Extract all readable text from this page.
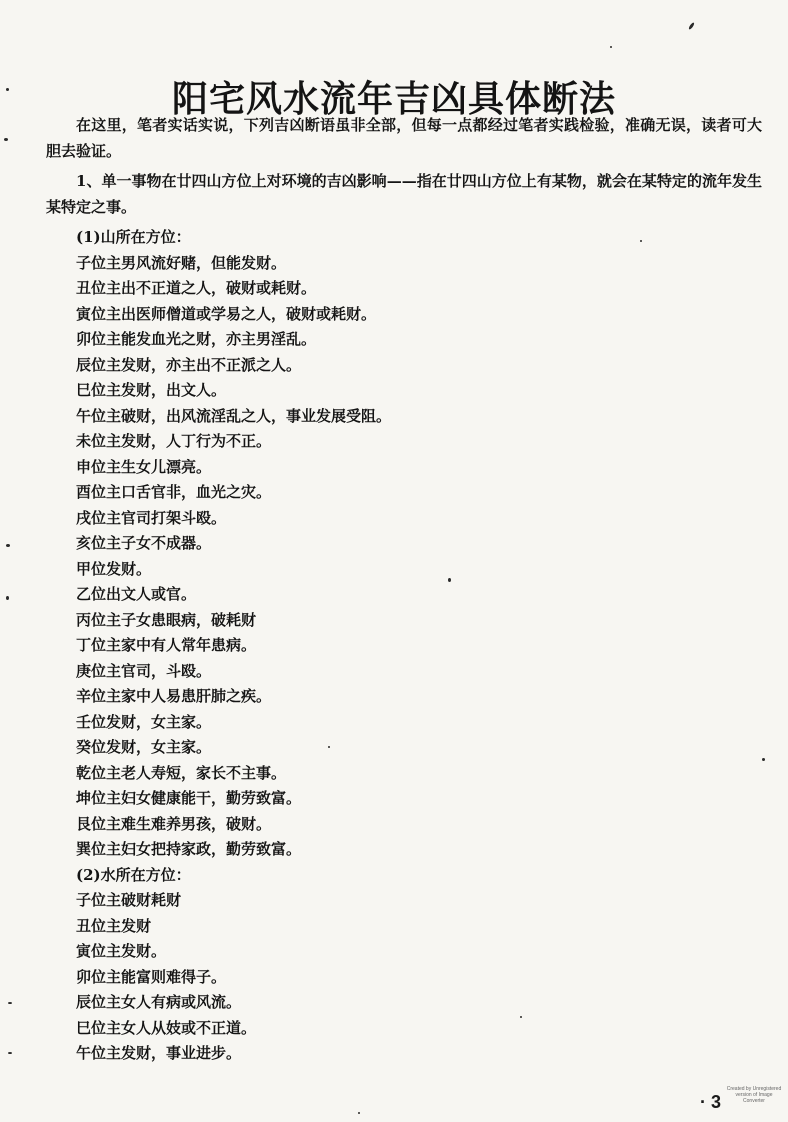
阳宅风水流年吉凶具体断法

在这里，笔者实话实说，下列吉凶断语虽非全部，但每一点都经过笔者实践检验，准确无误，读者可大胆去验证。

1、单一事物在廿四山方位上对环境的吉凶影响——指在廿四山方位上有某物，就会在某特定的流年发生某特定之事。

(1)山所在方位：
子位主男风流好赌，但能发财。
丑位主出不正道之人，破财或耗财。
寅位主出医师僧道或学易之人，破财或耗财。
卯位主能发血光之财，亦主男淫乱。
辰位主发财，亦主出不正派之人。
巳位主发财，出文人。
午位主破财，出风流淫乱之人，事业发展受阻。
未位主发财，人丁行为不正。
申位主生女儿漂亮。
酉位主口舌官非，血光之灾。
戌位主官司打架斗殴。
亥位主子女不成器。
甲位发财。
乙位出文人或官。
丙位主子女患眼病，破耗财
丁位主家中有人常年患病。
庚位主官司，斗殴。
辛位主家中人易患肝肺之疾。
壬位发财，女主家。
癸位发财，女主家。
乾位主老人寿短，家长不主事。
坤位主妇女健康能干，勤劳致富。
艮位主难生难养男孩，破财。
巽位主妇女把持家政，勤劳致富。
(2)水所在方位：
子位主破财耗财
丑位主发财
寅位主发财。
卯位主能富则难得子。
辰位主女人有病或风流。
巳位主女人从妓或不正道。
午位主发财，事业进步。
· 3
Created by Unregistered version of Image Converter
